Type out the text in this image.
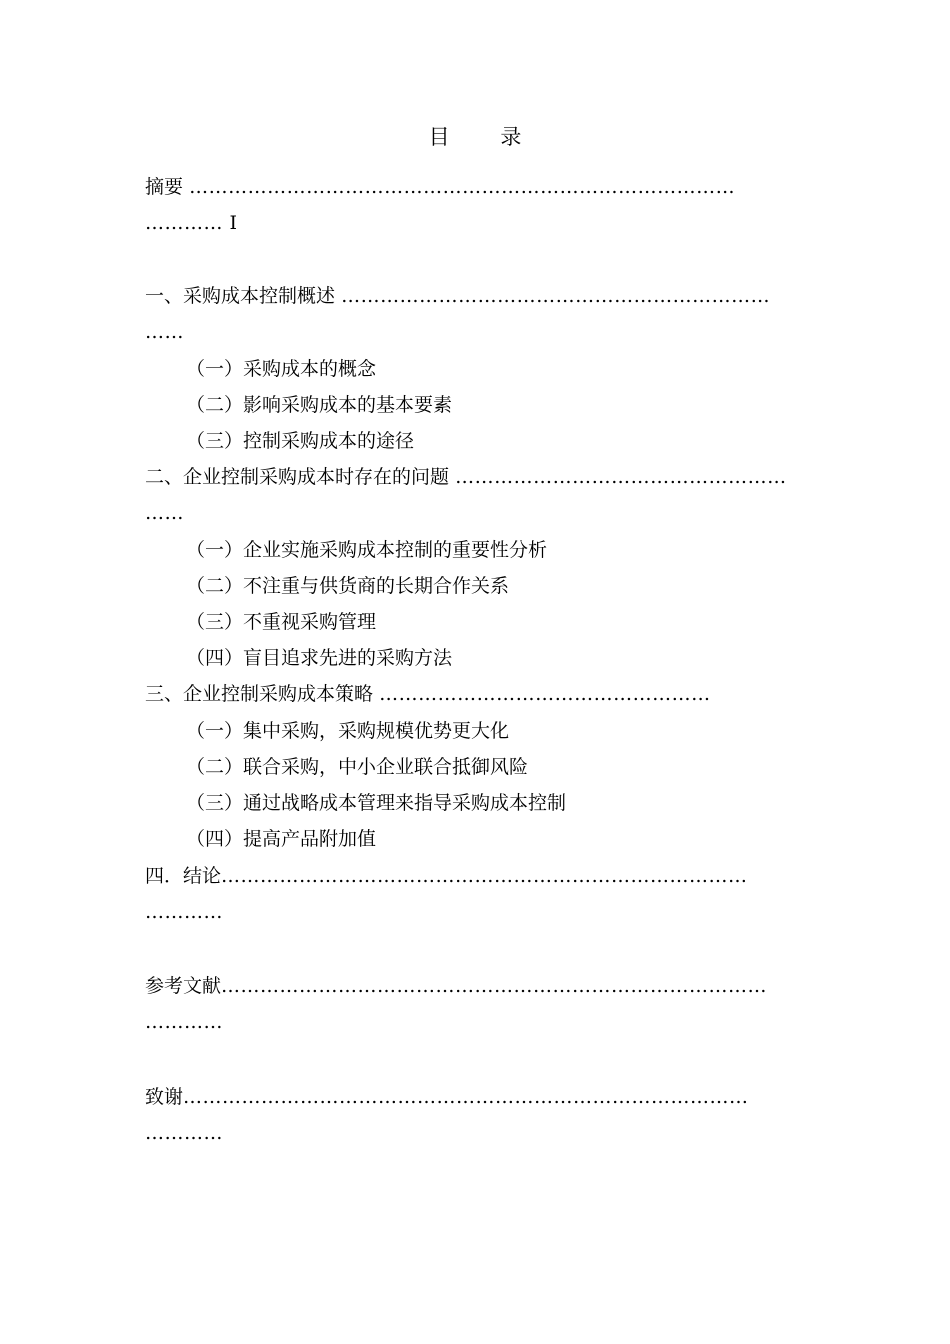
目 录
摘要 …………………………………………………………………………
………… Ⅰ
一、采购成本控制概述 …………………………………………………………
……
（一）采购成本的概念
（二）影响采购成本的基本要素
（三）控制采购成本的途径
二、企业控制采购成本时存在的问题 ……………………………………………
……
（一）企业实施采购成本控制的重要性分析
（二）不注重与供货商的长期合作关系
（三）不重视采购管理
（四）盲目追求先进的采购方法
三、企业控制采购成本策略 ……………………………………………
（一）集中采购，采购规模优势更大化
（二）联合采购，中小企业联合抵御风险
（三）通过战略成本管理来指导采购成本控制
（四）提高产品附加值
四．结论………………………………………………………………………
…………
参考文献…………………………………………………………………………
…………
致谢……………………………………………………………………………
…………
